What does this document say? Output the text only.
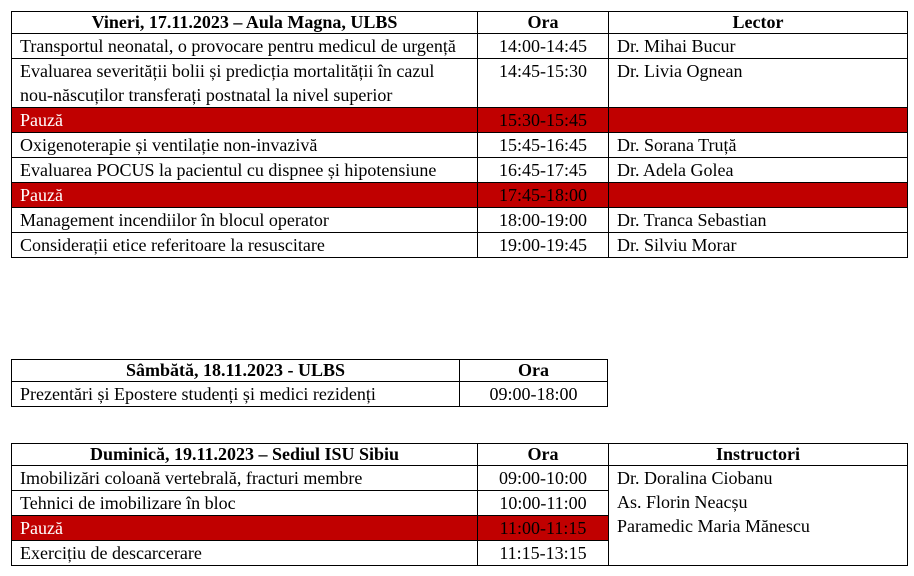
Vineri, 17.11.2023 – Aula Magna, ULBS	Ora	Lector
Transportul neonatal, o provocare pentru medicul de urgență	14:00-14:45	Dr. Mihai Bucur
Evaluarea severității bolii și predicția mortalității în cazul nou-născuților transferați postnatal la nivel superior	14:45-15:30	Dr. Livia Ognean
Pauză	15:30-15:45	
Oxigenoterapie și ventilație non-invazivă	15:45-16:45	Dr. Sorana Truță
Evaluarea POCUS la pacientul cu dispnee și hipotensiune	16:45-17:45	Dr. Adela Golea
Pauză	17:45-18:00	
Management incendiilor în blocul operator	18:00-19:00	Dr. Tranca Sebastian
Considerații etice referitoare la resuscitare	19:00-19:45	Dr. Silviu Morar
Sâmbătă, 18.11.2023 - ULBS	Ora
Prezentări și Epostere studenți și medici rezidenți	09:00-18:00
Duminică, 19.11.2023 – Sediul ISU Sibiu	Ora	Instructori
Imobilizări coloană vertebrală, fracturi membre	09:00-10:00	Dr. Doralina Ciobanu
As. Florin Neacșu
Paramedic Maria Mănescu

Tehnici de imobilizare în bloc	10:00-11:00	
Pauză	11:00-11:15	
Exercițiu de descarcerare	11:15-13:15	
